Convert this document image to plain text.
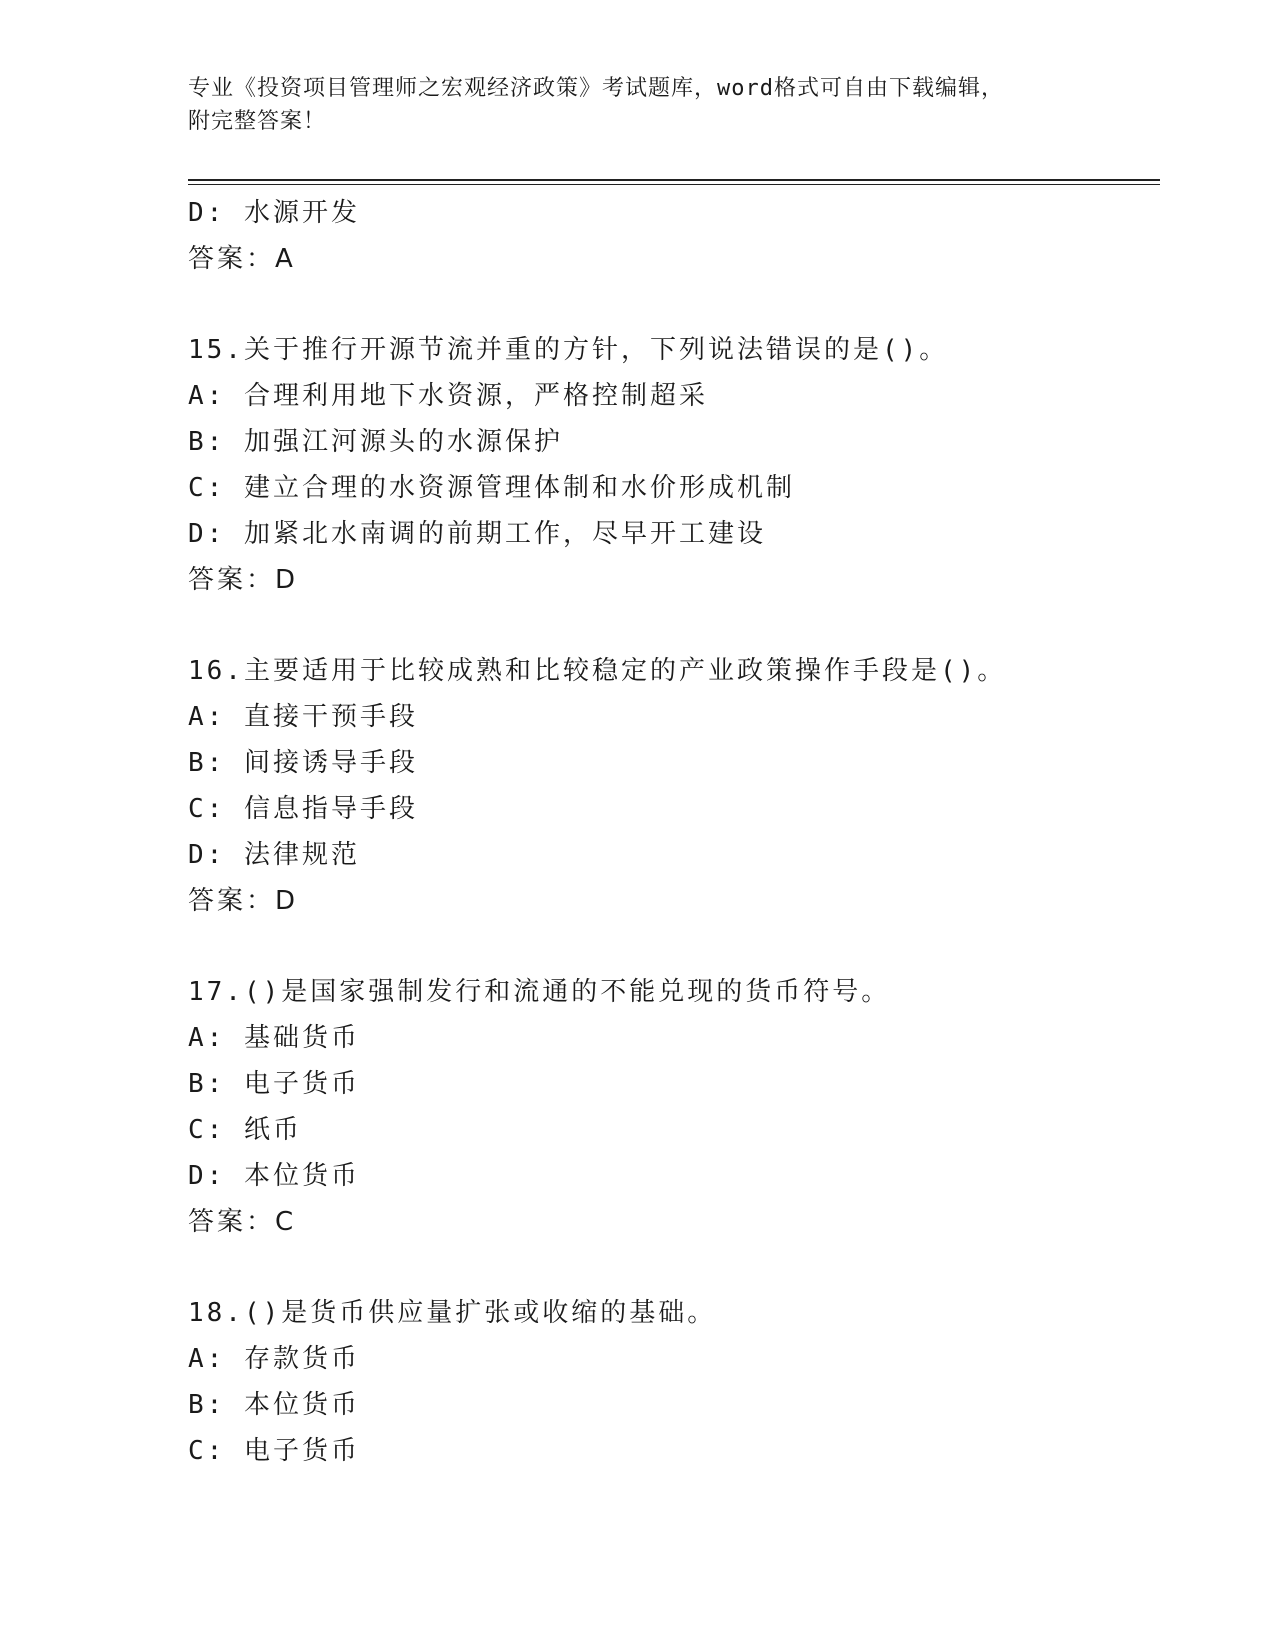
专业《投资项目管理师之宏观经济政策》考试题库，word格式可自由下载编辑，
附完整答案！
D: 水源开发
答案：A
15.关于推行开源节流并重的方针，下列说法错误的是()。
A: 合理利用地下水资源，严格控制超采
B: 加强江河源头的水源保护
C: 建立合理的水资源管理体制和水价形成机制
D: 加紧北水南调的前期工作，尽早开工建设
答案：D
16.主要适用于比较成熟和比较稳定的产业政策操作手段是()。
A: 直接干预手段
B: 间接诱导手段
C: 信息指导手段
D: 法律规范
答案：D
17.()是国家强制发行和流通的不能兑现的货币符号。
A: 基础货币
B: 电子货币
C: 纸币
D: 本位货币
答案：C
18.()是货币供应量扩张或收缩的基础。
A: 存款货币
B: 本位货币
C: 电子货币
